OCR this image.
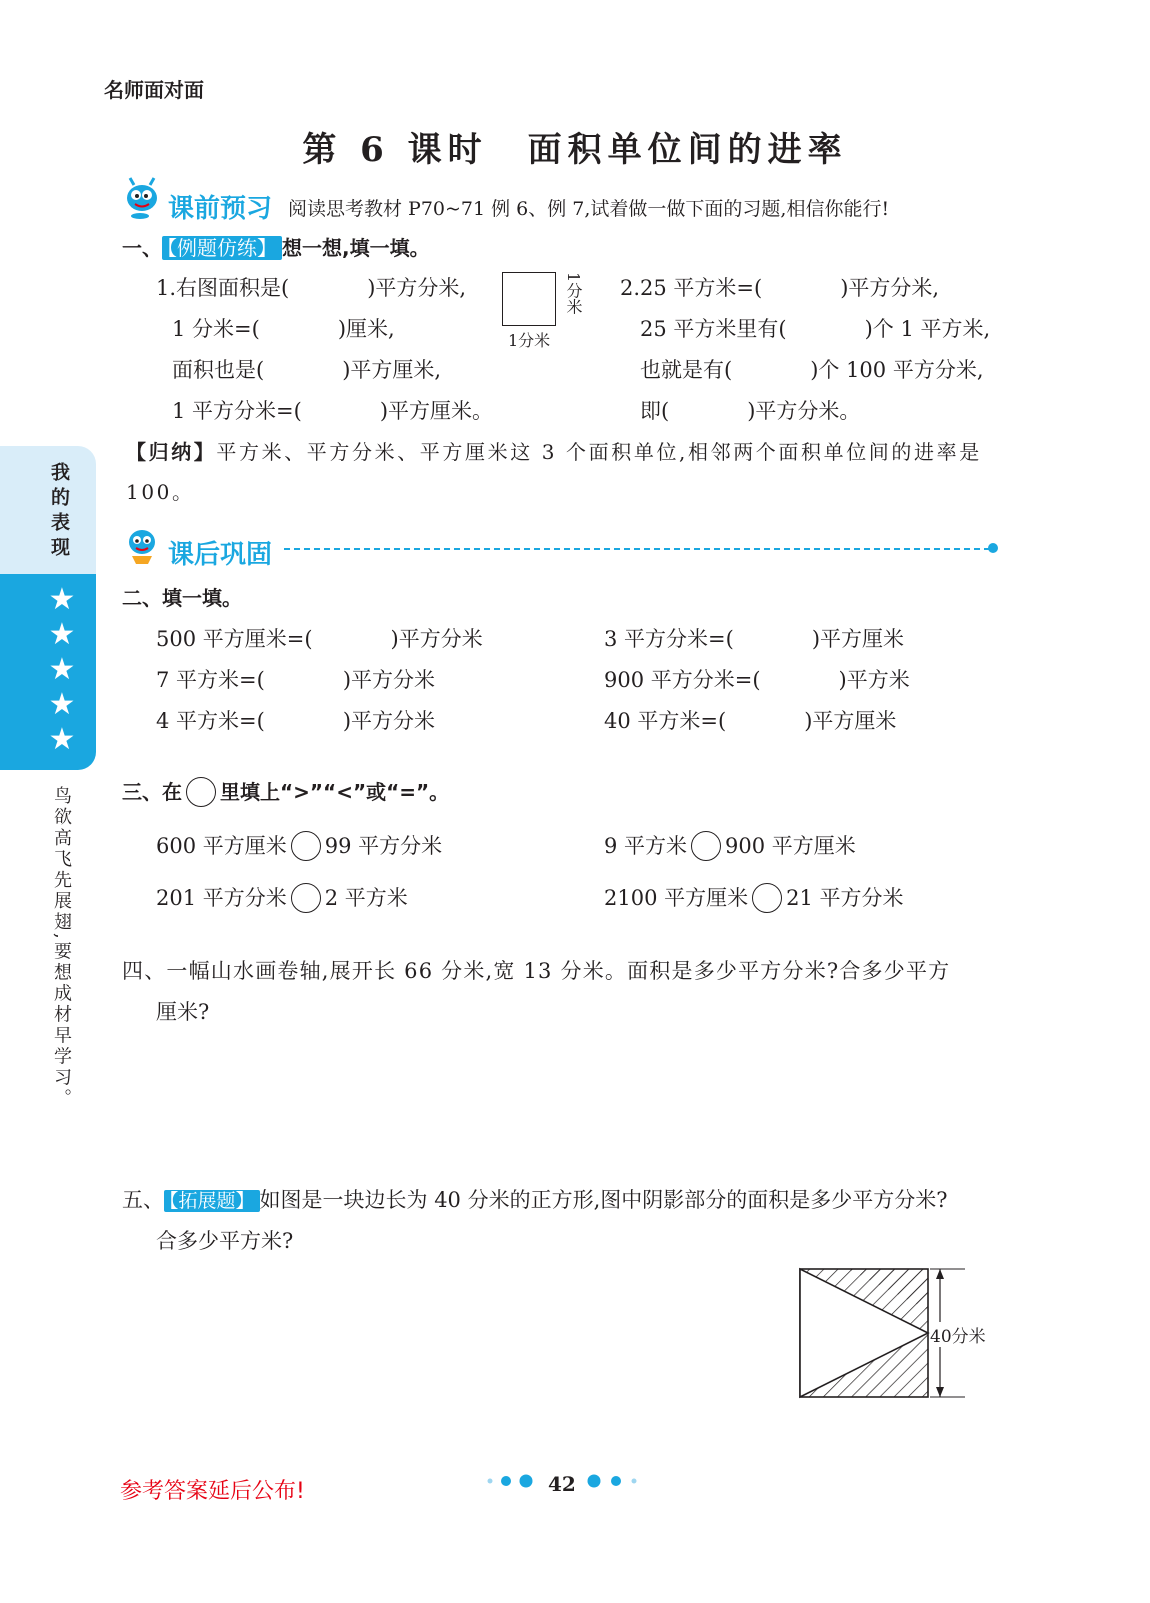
名师面对面
第 6 课时　面积单位间的进率
课前预习 阅读思考教材 P70~71 例 6、例 7,试着做一做下面的习题,相信你能行!
一、 【例题仿练】 想一想,填一填。
1.右图面积是(	)平方分米,
1 分米=(	)厘米,
面积也是(	)平方厘米,
1 平方分米=(	)平方厘米。
1分米
1分米
2.25 平方米=(	)平方分米,
25 平方米里有(	)个 1 平方米,
也就是有(	)个 100 平方分米,
即(	)平方分米。
【归纳】平方米、平方分米、平方厘米这 3 个面积单位,相邻两个面积单位间的进率是 100。
课后巩固
二、填一填。
500 平方厘米=(	)平方分米	3 平方分米=(	)平方厘米
7 平方米=(	)平方分米	900 平方分米=(	)平方米
4 平方米=(	)平方分米	40 平方米=(	)平方厘米
三、在 里填上“>”“<”或“=”。
600 平方厘米 99 平方分米	9 平方米 900 平方厘米
201 平方分米 2 平方米	2100 平方厘米 21 平方分米
四、一幅山水画卷轴,展开长 66 分米,宽 13 分米。面积是多少平方分米?合多少平方
厘米?
五、 【拓展题】 如图是一块边长为 40 分米的正方形,图中阴影部分的面积是多少平方分米?
合多少平方米?
40分米
我的表现
★
★
★
★
★
鸟欲高飞先展翅,要想成材早学习。
参考答案延后公布!	42
